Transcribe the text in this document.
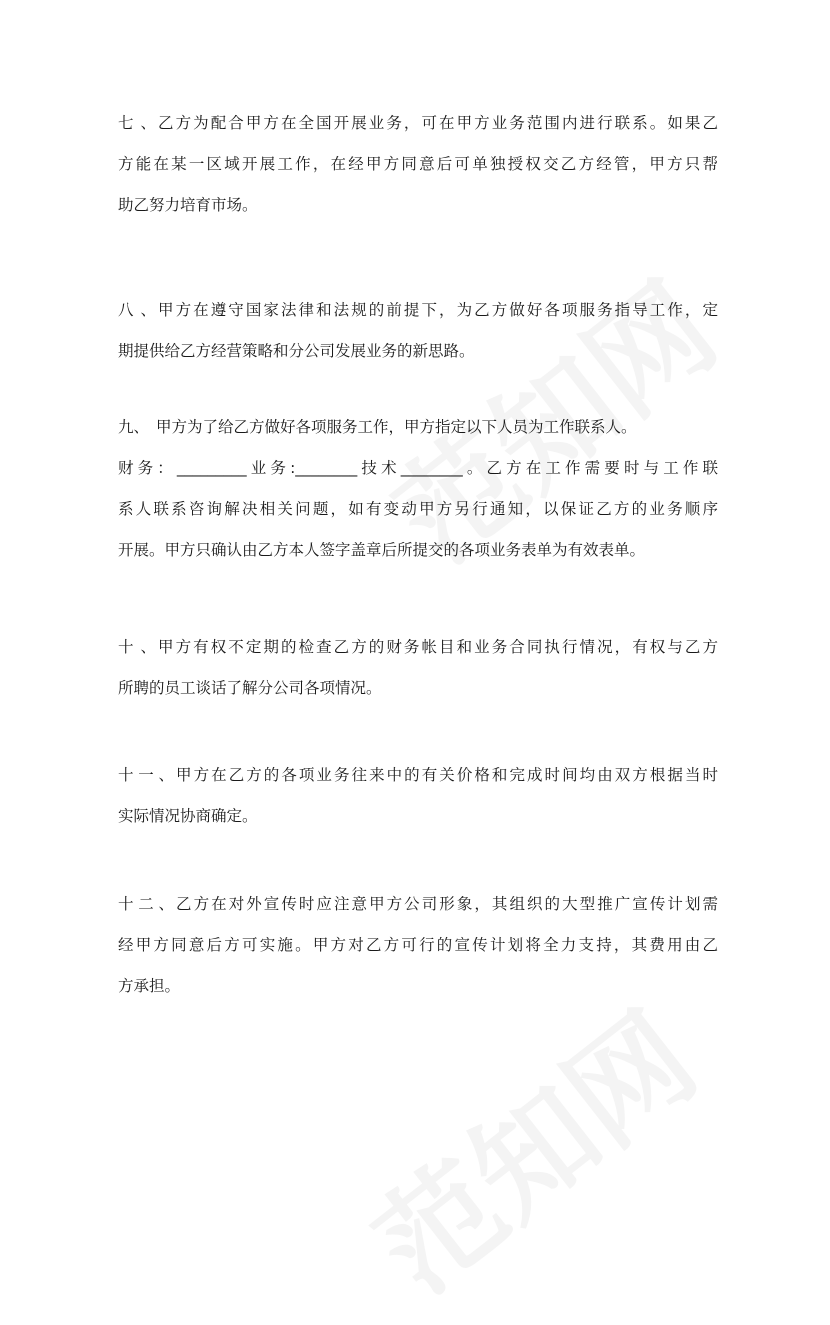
七、乙方为配合甲方在全国开展业务，可在甲方业务范围内进行联系。如果乙
方能在某一区域开展工作，在经甲方同意后可单独授权交乙方经管，甲方只帮
助乙努力培育市场。
八、甲方在遵守国家法律和法规的前提下，为乙方做好各项服务指导工作，定
期提供给乙方经营策略和分公司发展业务的新思路。
九、 甲方为了给乙方做好各项服务工作，甲方指定以下人员为工作联系人。
财务：_________业务:________技术________。乙方在工作需要时与工作联
系人联系咨询解决相关问题，如有变动甲方另行通知，以保证乙方的业务顺序
开展。甲方只确认由乙方本人签字盖章后所提交的各项业务表单为有效表单。
十、甲方有权不定期的检查乙方的财务帐目和业务合同执行情况，有权与乙方
所聘的员工谈话了解分公司各项情况。
十一、甲方在乙方的各项业务往来中的有关价格和完成时间均由双方根据当时
实际情况协商确定。
十二、乙方在对外宣传时应注意甲方公司形象，其组织的大型推广宣传计划需
经甲方同意后方可实施。甲方对乙方可行的宣传计划将全力支持，其费用由乙
方承担。
